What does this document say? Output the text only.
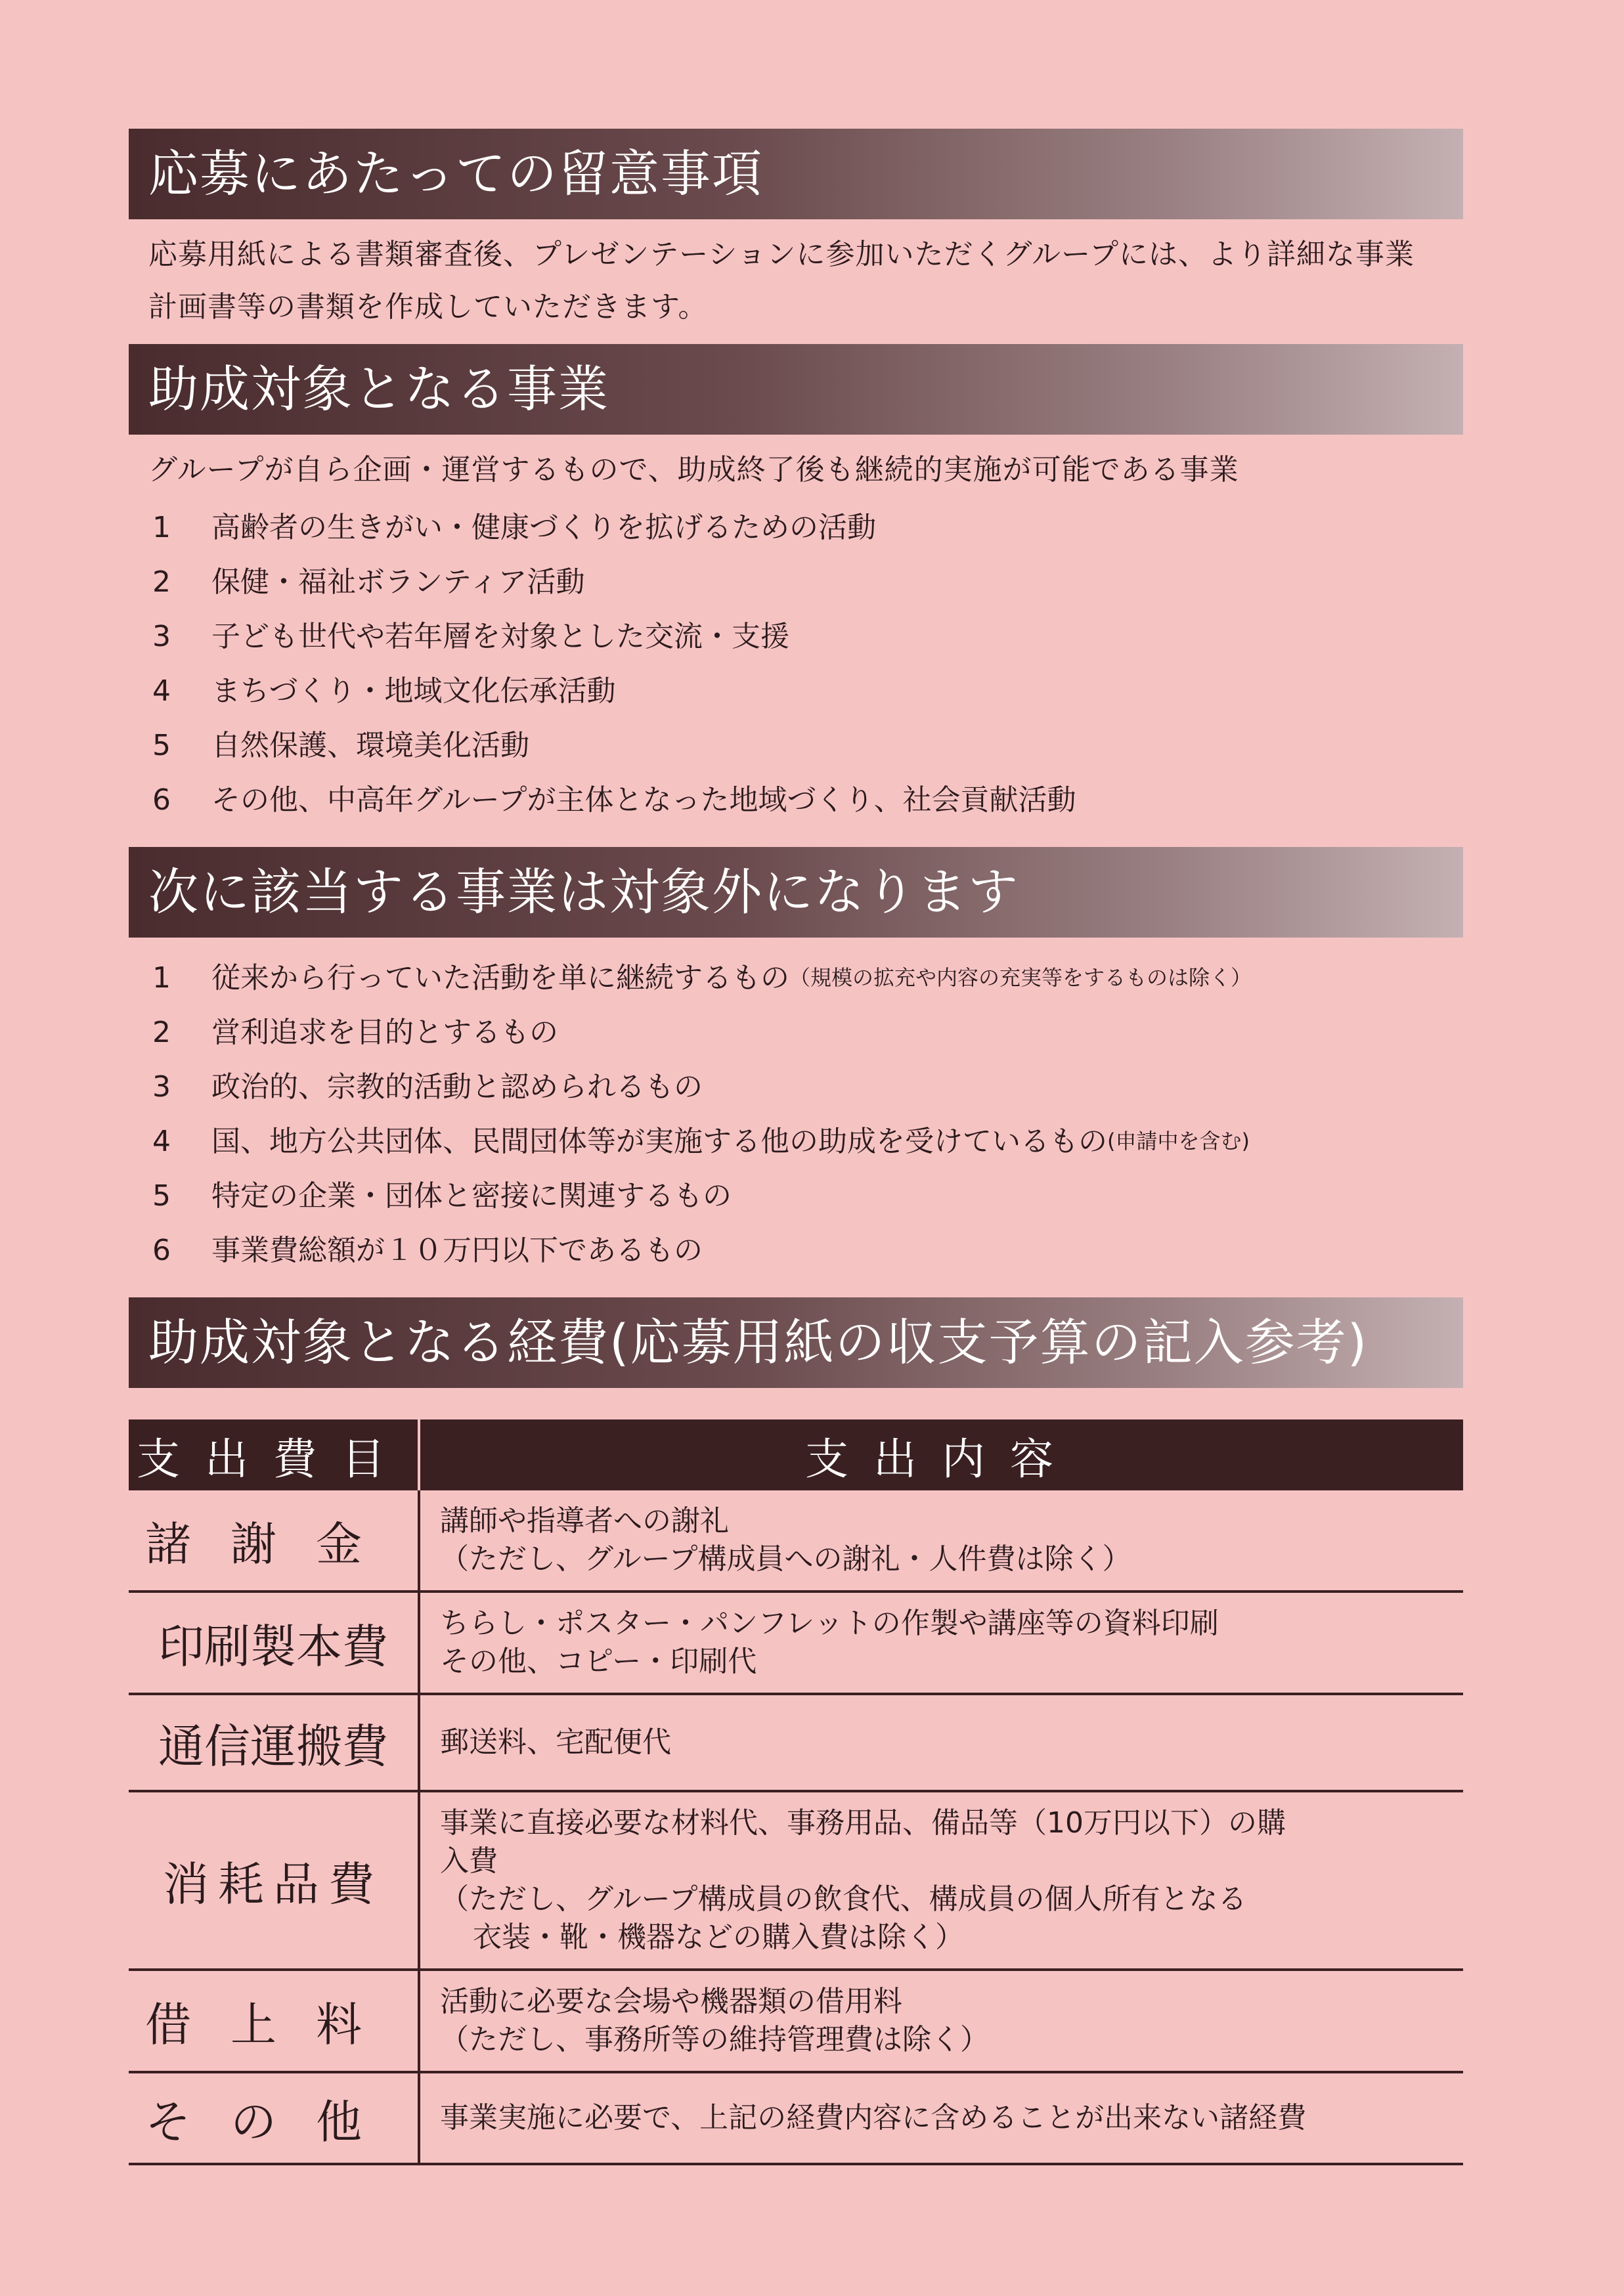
応募にあたっての留意事項
応募用紙による書類審査後、プレゼンテーションに参加いただくグループには、より詳細な事業計画書等の書類を作成していただきます。
助成対象となる事業
グループが自ら企画・運営するもので、助成終了後も継続的実施が可能である事業
1	高齢者の生きがい・健康づくりを拡げるための活動
2	保健・福祉ボランティア活動
3	子ども世代や若年層を対象とした交流・支援
4	まちづくり・地域文化伝承活動
5	自然保護、環境美化活動
6	その他、中高年グループが主体となった地域づくり、社会貢献活動
次に該当する事業は対象外になります
1	従来から行っていた活動を単に継続するもの （規模の拡充や内容の充実等をするものは除く）
2	営利追求を目的とするもの
3	政治的、宗教的活動と認められるもの
4	国、地方公共団体、民間団体等が実施する他の助成を受けているもの (申請中を含む)
5	特定の企業・団体と密接に関連するもの
6	事業費総額が１０万円以下であるもの
助成対象となる経費(応募用紙の収支予算の記入参考)
支出費目	支出内容
諸謝金	講師や指導者への謝礼
（ただし、グループ構成員への謝礼・人件費は除く）

印刷製本費	ちらし・ポスター・パンフレットの作製や講座等の資料印刷
その他、コピー・印刷代

通信運搬費	郵送料、宅配便代

消耗品費	事業に直接必要な材料代、事務用品、備品等（10万円以下）の購
入費
（ただし、グループ構成員の飲食代、構成員の個人所有となる
衣装・靴・機器などの購入費は除く）

借上料	活動に必要な会場や機器類の借用料
（ただし、事務所等の維持管理費は除く）

その他	事業実施に必要で、上記の経費内容に含めることが出来ない諸経費
